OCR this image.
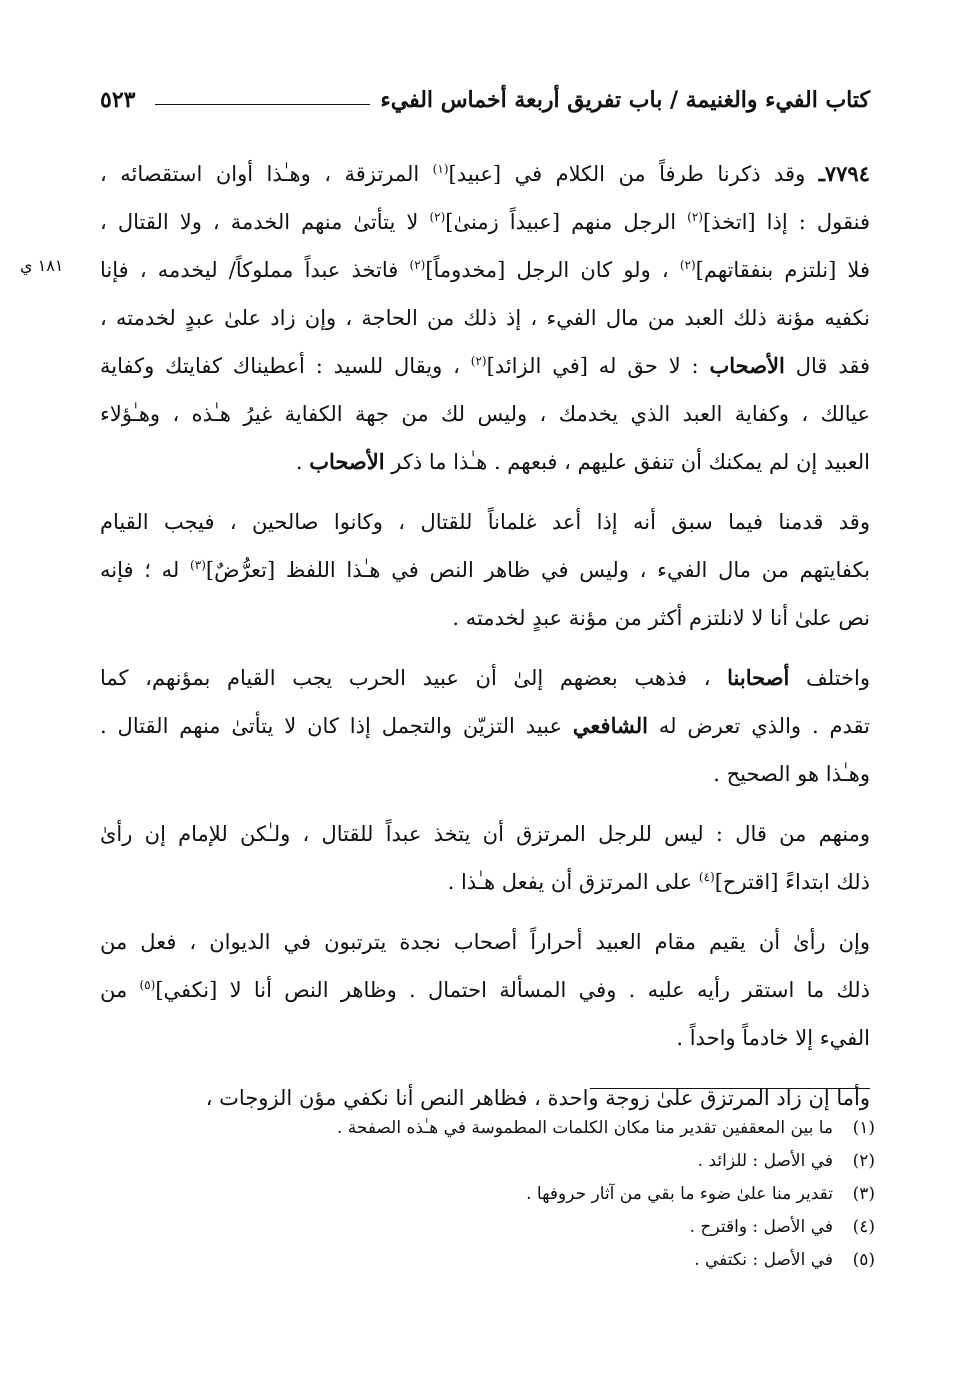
كتاب الفيء والغنيمة / باب تفريق أربعة أخماس الفيء
٥٢٣
١٨١ ي

٧٧٩٤ـ وقد ذكرنا طرفاً من الكلام في [عبيد]$^{(١)}$ المرتزقة ، وهـٰذا أوان استقصائه ،

فنقول : إذا [اتخذ]$^{(٢)}$ الرجل منهم [عبيداً زمنىٰ]$^{(٢)}$ لا يتأتىٰ منهم الخدمة ، ولا القتال ،

فلا [نلتزم بنفقاتهم]$^{(٢)}$ ، ولو كان الرجل [مخدوماً]$^{(٢)}$ فاتخذ عبداً مملوكاً/ ليخدمه ، فإنا

نكفيه مؤنة ذلك العبد من مال الفيء ، إذ ذلك من الحاجة ، وإن زاد علىٰ عبدٍ لخدمته ،

فقد قال الأصحاب : لا حق له [في الزائد]$^{(٢)}$ ، ويقال للسيد : أعطيناك كفايتك وكفاية

عيالك ، وكفاية العبد الذي يخدمك ، وليس لك من جهة الكفاية غيرُ هـٰذه ، وهـٰؤلاء

العبيد إن لم يمكنك أن تنفق عليهم ، فبعهم . هـٰذا ما ذكر الأصحاب .

وقد قدمنا فيما سبق أنه إذا أعد غلماناً للقتال ، وكانوا صالحين ، فيجب القيام

بكفايتهم من مال الفيء ، وليس في ظاهر النص في هـٰذا اللفظ [تعرُّضٌ]$^{(٣)}$ له ؛ فإنه

نص علىٰ أنا لا لانلتزم أكثر من مؤنة عبدٍ لخدمته .

واختلف أصحابنا ، فذهب بعضهم إلىٰ أن عبيد الحرب يجب القيام بمؤنهم، كما

تقدم . والذي تعرض له الشافعي عبيد التزيّن والتجمل إذا كان لا يتأتىٰ منهم القتال .

وهـٰذا هو الصحيح .

ومنهم من قال : ليس للرجل المرتزق أن يتخذ عبداً للقتال ، ولـٰكن للإمام إن رأىٰ

ذلك ابتداءً [اقترح]$^{(٤)}$ على المرتزق أن يفعل هـٰذا .

وإن رأىٰ أن يقيم مقام العبيد أحراراً أصحاب نجدة يترتبون في الديوان ، فعل من

ذلك ما استقر رأيه عليه . وفي المسألة احتمال . وظاهر النص أنا لا [نكفي]$^{(٥)}$ من

الفيء إلا خادماً واحداً .

وأما إن زاد المرتزق علىٰ زوجة واحدة ، فظاهر النص أنا نكفي مؤن الزوجات ،

(١)
ما بين المعقفين تقدير منا مكان الكلمات المطموسة في هـٰذه الصفحة .
(٢)
في الأصل : للزائد .
(٣)
تقدير منا علىٰ ضوء ما بقي من آثار حروفها .
(٤)
في الأصل : واقترح .
(٥)
في الأصل : نكتفي .
